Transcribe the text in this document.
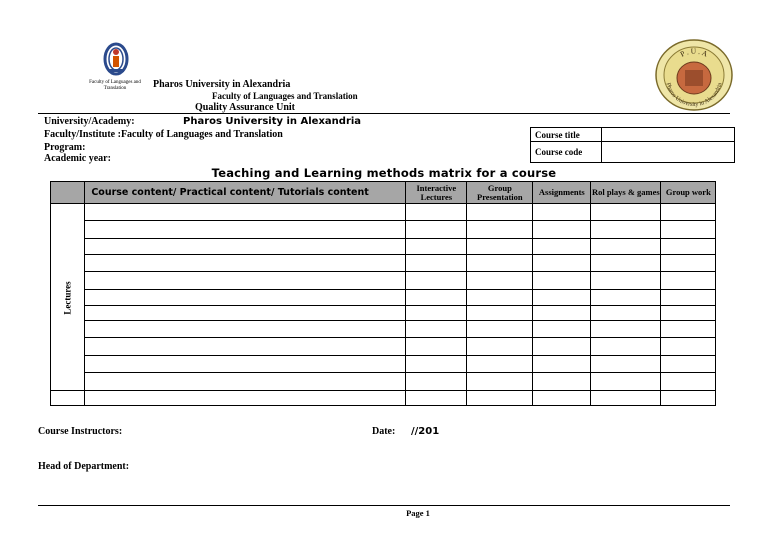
Faculty of Languages and Translation	Pharos University in Alexandria
Faculty of Languages and Translation
Quality Assurance Unit
P . U . A
Pharos University in Alexandria
University/Academy:	Pharos University in Alexandria
Faculty/Institute :Faculty of Languages and Translation
Program:
Academic year:
Course title	
Course code	
Teaching and Learning methods matrix for a course
	Course content/ Practical content/ Tutorials content	Interactive Lectures	Group Presentation	Assignments	Rol plays & games	Group work
Lectures						

Course Instructors:	Date: //201
Head of Department:
Page 1
